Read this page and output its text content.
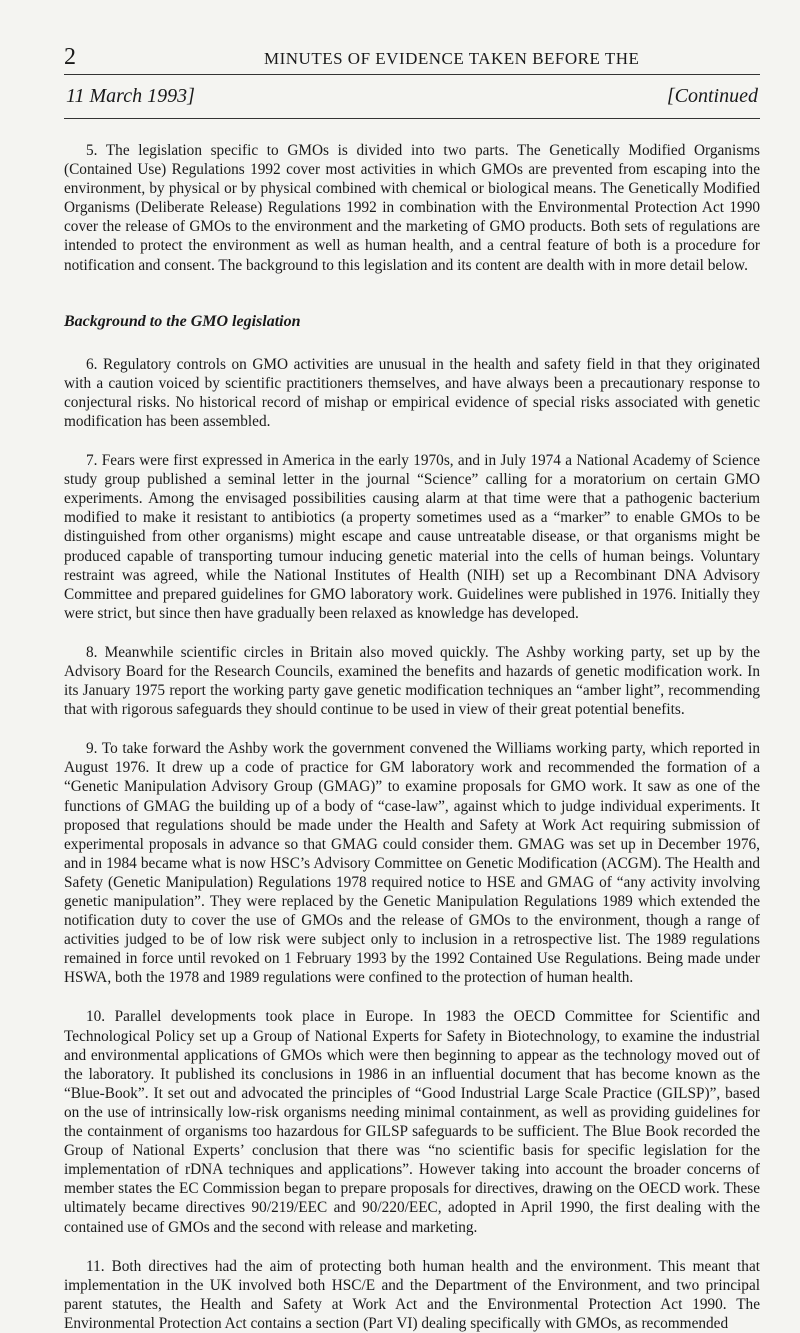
2	MINUTES OF EVIDENCE TAKEN BEFORE THE
11 March 1993]	[Continued

5. The legislation specific to GMOs is divided into two parts. The Genetically Modified Organisms (Contained Use) Regulations 1992 cover most activities in which GMOs are prevented from escaping into the environment, by physical or by physical combined with chemical or biological means. The Genetically Modified Organisms (Deliberate Release) Regulations 1992 in combination with the Environmental Protection Act 1990 cover the release of GMOs to the environment and the marketing of GMO products. Both sets of regulations are intended to protect the environment as well as human health, and a central feature of both is a procedure for notification and consent. The background to this legislation and its content are dealth with in more detail below.

Background to the GMO legislation

6. Regulatory controls on GMO activities are unusual in the health and safety field in that they originated with a caution voiced by scientific practitioners themselves, and have always been a precautionary response to conjectural risks. No historical record of mishap or empirical evidence of special risks associated with genetic modification has been assembled.

7. Fears were first expressed in America in the early 1970s, and in July 1974 a National Academy of Science study group published a seminal letter in the journal “Science” calling for a moratorium on certain GMO experiments. Among the envisaged possibilities causing alarm at that time were that a pathogenic bacterium modified to make it resistant to antibiotics (a property sometimes used as a “marker” to enable GMOs to be distinguished from other organisms) might escape and cause untreatable disease, or that organisms might be produced capable of transporting tumour inducing genetic material into the cells of human beings. Voluntary restraint was agreed, while the National Institutes of Health (NIH) set up a Recombinant DNA Advisory Committee and prepared guidelines for GMO laboratory work. Guidelines were published in 1976. Initially they were strict, but since then have gradually been relaxed as knowledge has developed.

8. Meanwhile scientific circles in Britain also moved quickly. The Ashby working party, set up by the Advisory Board for the Research Councils, examined the benefits and hazards of genetic modification work. In its January 1975 report the working party gave genetic modification techniques an “amber light”, recommending that with rigorous safeguards they should continue to be used in view of their great potential benefits.

9. To take forward the Ashby work the government convened the Williams working party, which reported in August 1976. It drew up a code of practice for GM laboratory work and recommended the formation of a “Genetic Manipulation Advisory Group (GMAG)” to examine proposals for GMO work. It saw as one of the functions of GMAG the building up of a body of “case-law”, against which to judge individual experiments. It proposed that regulations should be made under the Health and Safety at Work Act requiring submission of experimental proposals in advance so that GMAG could consider them. GMAG was set up in December 1976, and in 1984 became what is now HSC’s Advisory Committee on Genetic Modification (ACGM). The Health and Safety (Genetic Manipulation) Regulations 1978 required notice to HSE and GMAG of “any activity involving genetic manipulation”. They were replaced by the Genetic Manipulation Regulations 1989 which extended the notification duty to cover the use of GMOs and the release of GMOs to the environment, though a range of activities judged to be of low risk were subject only to inclusion in a retrospective list. The 1989 regulations remained in force until revoked on 1 February 1993 by the 1992 Contained Use Regulations. Being made under HSWA, both the 1978 and 1989 regulations were confined to the protection of human health.

10. Parallel developments took place in Europe. In 1983 the OECD Committee for Scientific and Technological Policy set up a Group of National Experts for Safety in Biotechnology, to examine the industrial and environmental applications of GMOs which were then beginning to appear as the technology moved out of the laboratory. It published its conclusions in 1986 in an influential document that has become known as the “Blue-Book”. It set out and advocated the principles of “Good Industrial Large Scale Practice (GILSP)”, based on the use of intrinsically low-risk organisms needing minimal containment, as well as providing guidelines for the containment of organisms too hazardous for GILSP safeguards to be sufficient. The Blue Book recorded the Group of National Experts’ conclusion that there was “no scientific basis for specific legislation for the implementation of rDNA techniques and applications”. However taking into account the broader concerns of member states the EC Commission began to prepare proposals for directives, drawing on the OECD work. These ultimately became directives 90/219/EEC and 90/220/EEC, adopted in April 1990, the first dealing with the contained use of GMOs and the second with release and marketing.

11. Both directives had the aim of protecting both human health and the environment. This meant that implementation in the UK involved both HSC/E and the Department of the Environment, and two principal parent statutes, the Health and Safety at Work Act and the Environmental Protection Act 1990. The Environmental Protection Act contains a section (Part VI) dealing specifically with GMOs, as recommended
